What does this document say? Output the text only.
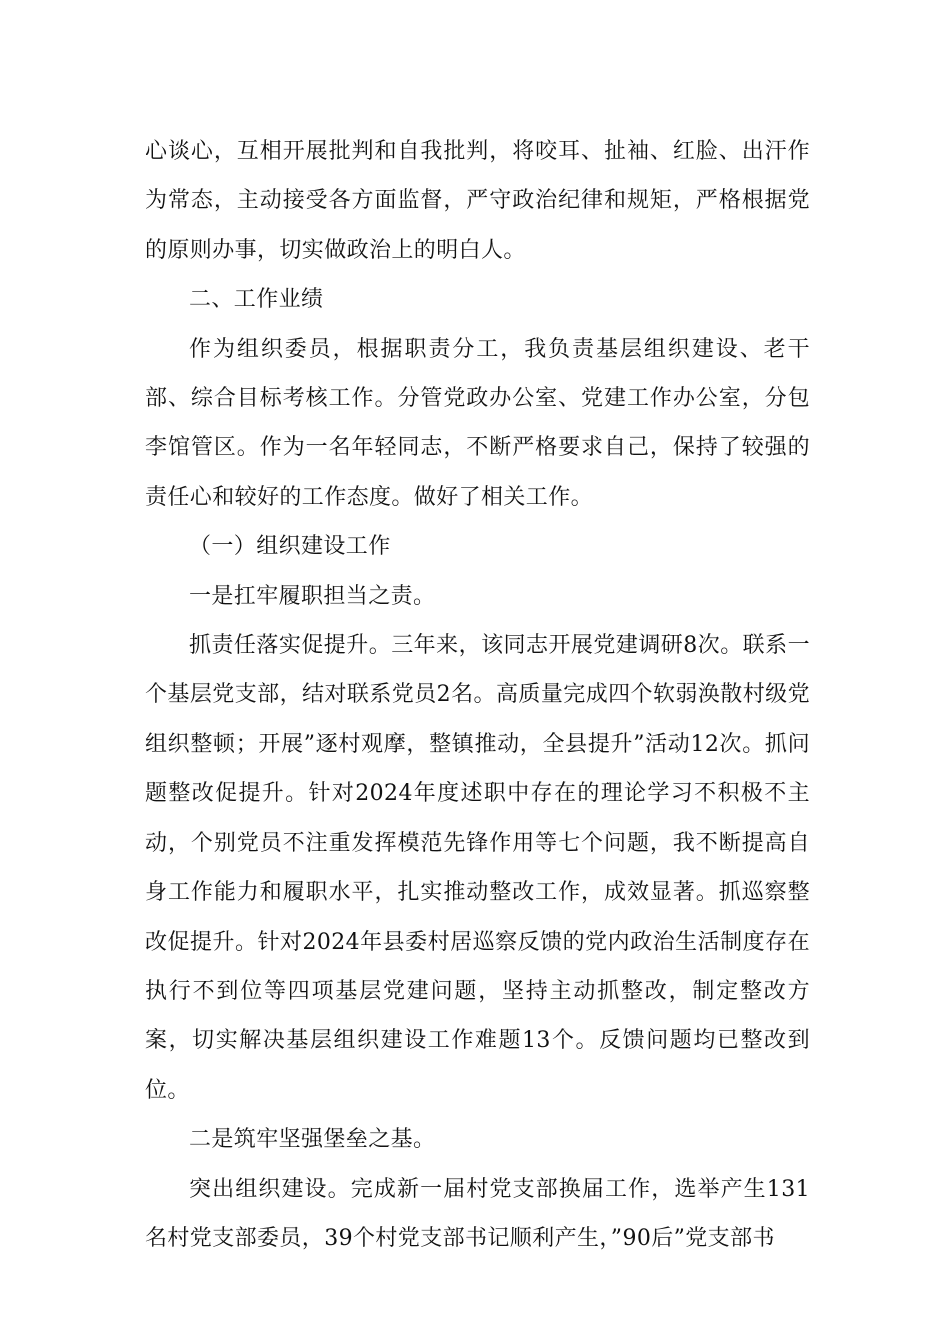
心谈心，互相开展批判和自我批判，将咬耳、扯袖、红脸、出汗作为常态，主动接受各方面监督，严守政治纪律和规矩，严格根据党的原则办事，切实做政治上的明白人。

二、工作业绩

作为组织委员，根据职责分工，我负责基层组织建设、老干部、综合目标考核工作。分管党政办公室、党建工作办公室，分包李馆管区。作为一名年轻同志，不断严格要求自己，保持了较强的责任心和较好的工作态度。做好了相关工作。

（一）组织建设工作

一是扛牢履职担当之责。

抓责任落实促提升。三年来，该同志开展党建调研8次。联系一个基层党支部，结对联系党员2名。高质量完成四个软弱涣散村级党组织整顿；开展”逐村观摩，整镇推动，全县提升”活动12次。抓问题整改促提升。针对2024年度述职中存在的理论学习不积极不主动，个别党员不注重发挥模范先锋作用等七个问题，我不断提高自身工作能力和履职水平，扎实推动整改工作，成效显著。抓巡察整改促提升。针对2024年县委村居巡察反馈的党内政治生活制度存在执行不到位等四项基层党建问题，坚持主动抓整改，制定整改方案，切实解决基层组织建设工作难题13个。反馈问题均已整改到位。

二是筑牢坚强堡垒之基。

突出组织建设。完成新一届村党支部换届工作，选举产生131名村党支部委员，39个村党支部书记顺利产生，”90后”党支部书
